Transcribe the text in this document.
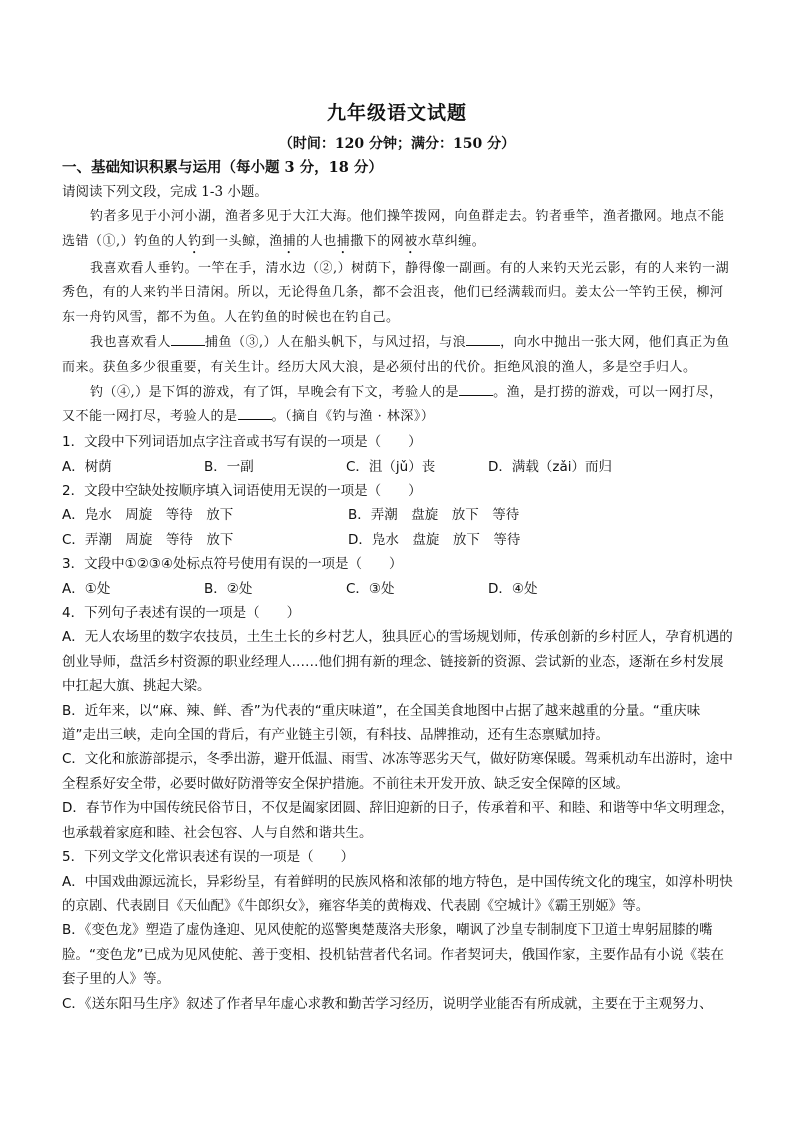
九年级语文试题
（时间：120 分钟；满分：150 分）

一、基础知识积累与运用（每小题 3 分，18 分）

请阅读下列文段，完成 1-3 小题。

钓者多见于小河小湖，渔者多见于大江大海。他们操竿拨网，向鱼群走去。钓者垂竿，渔者撒网。地点不能选错（①,）钓鱼的人钓到一头鲸，渔捕的人也捕撒下的网被水草纠缠。

我喜欢看人垂钓。一竿在手，清水边（②,）树荫下，静得像一副画。有的人来钓天光云影，有的人来钓一湖秀色，有的人来钓半日清闲。所以，无论得鱼几条，都不会沮丧，他们已经满载而归。姜太公一竿钓王侯，柳河东一舟钓风雪，都不为鱼。人在钓鱼的时候也在钓自己。

我也喜欢看人	捕鱼（③,）人在船头帆下，与风过招，与浪	，向水中抛出一张大网，他们真正为鱼而来。获鱼多少很重要，有关生计。经历大风大浪，是必须付出的代价。拒绝风浪的渔人，多是空手归人。

钓（④,）是下饵的游戏，有了饵，早晚会有下文，考验人的是	。渔，是打捞的游戏，可以一网打尽，又不能一网打尽，考验人的是	。（摘自《钓与渔 · 林深》）

1．文段中下列词语加点字注音或书写有误的一项是（　　）

A．树荫	B．一副	C．沮（jǔ）丧	D．满载（zǎi）而归

2．文段中空缺处按顺序填入词语使用无误的一项是（　　）

A．凫水　周旋　等待　放下	B．弄潮　盘旋　放下　等待
C．弄潮　周旋　等待　放下	D．凫水　盘旋　放下　等待

3．文段中①②③④处标点符号使用有误的一项是（　　）

A．①处	B．②处	C．③处	D．④处

4．下列句子表述有误的一项是（　　）

A．无人农场里的数字农技员，土生土长的乡村艺人，独具匠心的雪场规划师，传承创新的乡村匠人，孕育机遇的创业导师，盘活乡村资源的职业经理人……他们拥有新的理念、链接新的资源、尝试新的业态，逐渐在乡村发展中扛起大旗、挑起大梁。

B．近年来，以“麻、辣、鲜、香”为代表的“重庆味道”，在全国美食地图中占据了越来越重的分量。“重庆味道”走出三峡，走向全国的背后，有产业链主引领，有科技、品牌推动，还有生态禀赋加持。

C．文化和旅游部提示，冬季出游，避开低温、雨雪、冰冻等恶劣天气，做好防寒保暖。驾乘机动车出游时，途中全程系好安全带，必要时做好防滑等安全保护措施。不前往未开发开放、缺乏安全保障的区域。

D．春节作为中国传统民俗节日，不仅是阖家团圆、辞旧迎新的日子，传承着和平、和睦、和谐等中华文明理念，也承载着家庭和睦、社会包容、人与自然和谐共生。

5．下列文学文化常识表述有误的一项是（　　）

A．中国戏曲源远流长，异彩纷呈，有着鲜明的民族风格和浓郁的地方特色，是中国传统文化的瑰宝，如淳朴明快的京剧、代表剧目《天仙配》《牛郎织女》，雍容华美的黄梅戏、代表剧《空城计》《霸王别姬》等。

B．《变色龙》塑造了虚伪逢迎、见风使舵的巡警奥楚蔑洛夫形象，嘲讽了沙皇专制制度下卫道士卑躬屈膝的嘴脸。“变色龙”已成为见风使舵、善于变相、投机钻营者代名词。作者契诃夫，俄国作家，主要作品有小说《装在套子里的人》等。

C．《送东阳马生序》叙述了作者早年虚心求教和勤苦学习经历，说明学业能否有所成就，主要在于主观努力、
